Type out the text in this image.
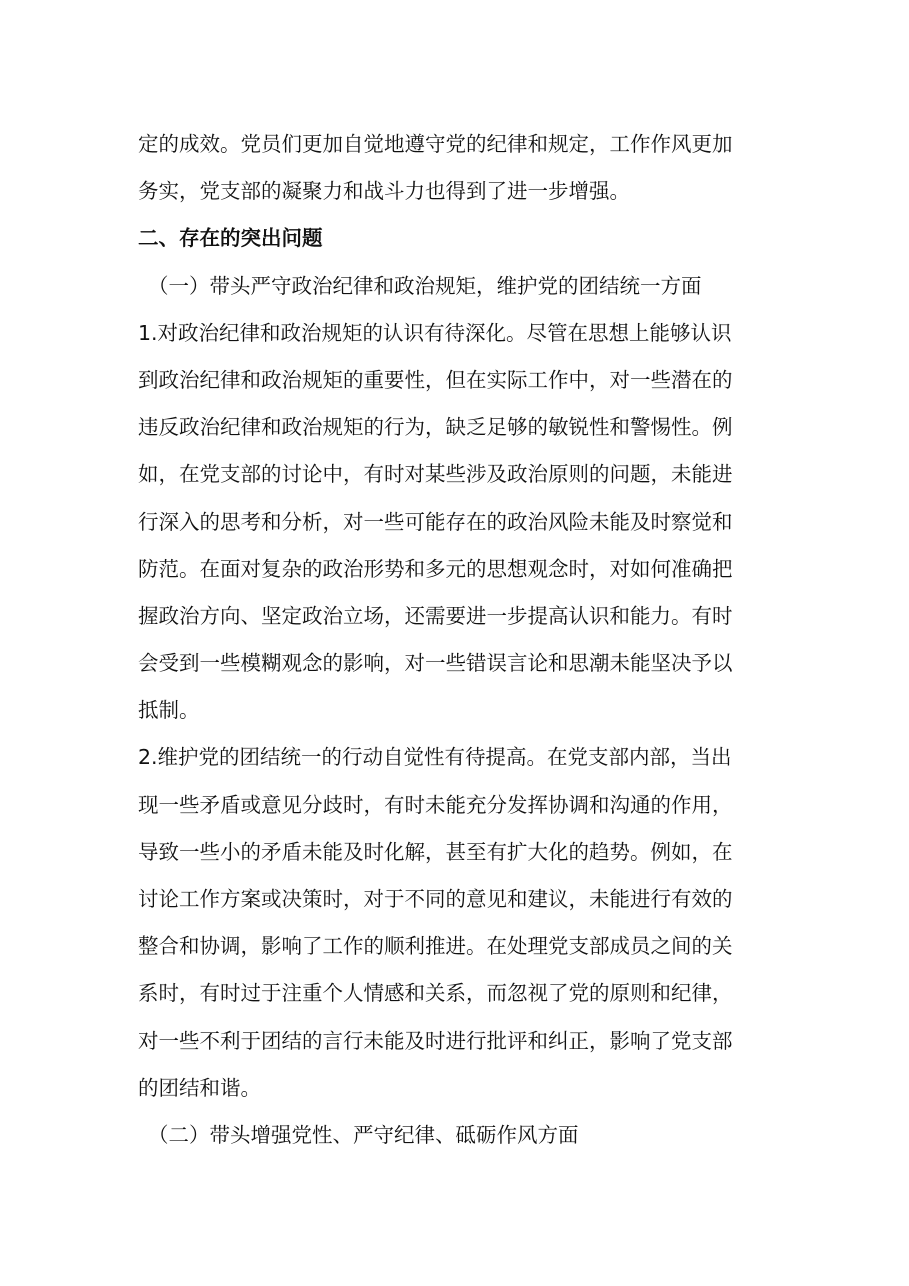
定的成效。党员们更加自觉地遵守党的纪律和规定，工作作风更加
务实，党支部的凝聚力和战斗力也得到了进一步增强。
二、存在的突出问题
（一）带头严守政治纪律和政治规矩，维护党的团结统一方面
1.对政治纪律和政治规矩的认识有待深化。尽管在思想上能够认识
到政治纪律和政治规矩的重要性，但在实际工作中，对一些潜在的
违反政治纪律和政治规矩的行为，缺乏足够的敏锐性和警惕性。例
如，在党支部的讨论中，有时对某些涉及政治原则的问题，未能进
行深入的思考和分析，对一些可能存在的政治风险未能及时察觉和
防范。在面对复杂的政治形势和多元的思想观念时，对如何准确把
握政治方向、坚定政治立场，还需要进一步提高认识和能力。有时
会受到一些模糊观念的影响，对一些错误言论和思潮未能坚决予以
抵制。
2.维护党的团结统一的行动自觉性有待提高。在党支部内部，当出
现一些矛盾或意见分歧时，有时未能充分发挥协调和沟通的作用，
导致一些小的矛盾未能及时化解，甚至有扩大化的趋势。例如，在
讨论工作方案或决策时，对于不同的意见和建议，未能进行有效的
整合和协调，影响了工作的顺利推进。在处理党支部成员之间的关
系时，有时过于注重个人情感和关系，而忽视了党的原则和纪律，
对一些不利于团结的言行未能及时进行批评和纠正，影响了党支部
的团结和谐。
（二）带头增强党性、严守纪律、砥砺作风方面
